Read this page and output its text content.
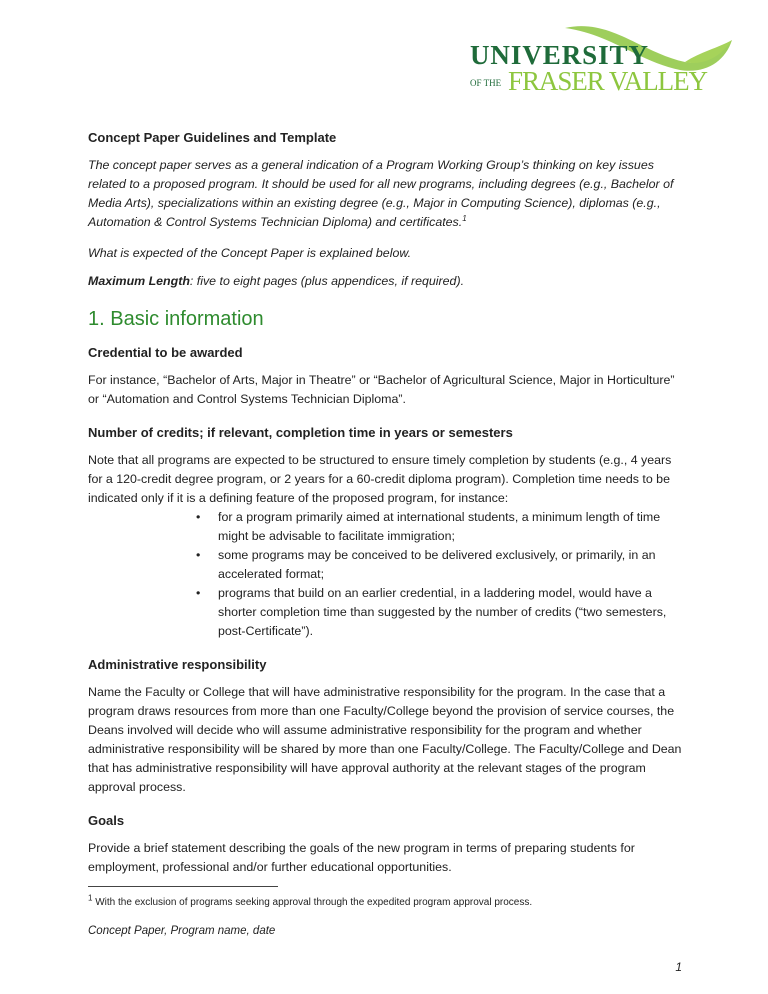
UNIVERSITY
OF THE FRASER VALLEY
Concept Paper Guidelines and Template

The concept paper serves as a general indication of a Program Working Group’s thinking on key issues related to a proposed program. It should be used for all new programs, including degrees (e.g., Bachelor of Media Arts), specializations within an existing degree (e.g., Major in Computing Science), diplomas (e.g., Automation & Control Systems Technician Diploma) and certificates.$^1$

What is expected of the Concept Paper is explained below.

Maximum Length: five to eight pages (plus appendices, if required).

1. Basic information
Credential to be awarded

For instance, “Bachelor of Arts, Major in Theatre” or “Bachelor of Agricultural Science, Major in Horticulture” or “Automation and Control Systems Technician Diploma”.

Number of credits; if relevant, completion time in years or semesters

Note that all programs are expected to be structured to ensure timely completion by students (e.g., 4 years for a 120-credit degree program, or 2 years for a 60-credit diploma program). Completion time needs to be indicated only if it is a defining feature of the proposed program, for instance:

• for a program primarily aimed at international students, a minimum length of time might be advisable to facilitate immigration;
• some programs may be conceived to be delivered exclusively, or primarily, in an accelerated format;
• programs that build on an earlier credential, in a laddering model, would have a shorter completion time than suggested by the number of credits (“two semesters, post-Certificate”).
Administrative responsibility

Name the Faculty or College that will have administrative responsibility for the program. In the case that a program draws resources from more than one Faculty/College beyond the provision of service courses, the Deans involved will decide who will assume administrative responsibility for the program and whether administrative responsibility will be shared by more than one Faculty/College. The Faculty/College and Dean that has administrative responsibility will have approval authority at the relevant stages of the program approval process.

Goals

Provide a brief statement describing the goals of the new program in terms of preparing students for employment, professional and/or further educational opportunities.

$^1$ With the exclusion of programs seeking approval through the expedited program approval process.
Concept Paper, Program name, date
1
